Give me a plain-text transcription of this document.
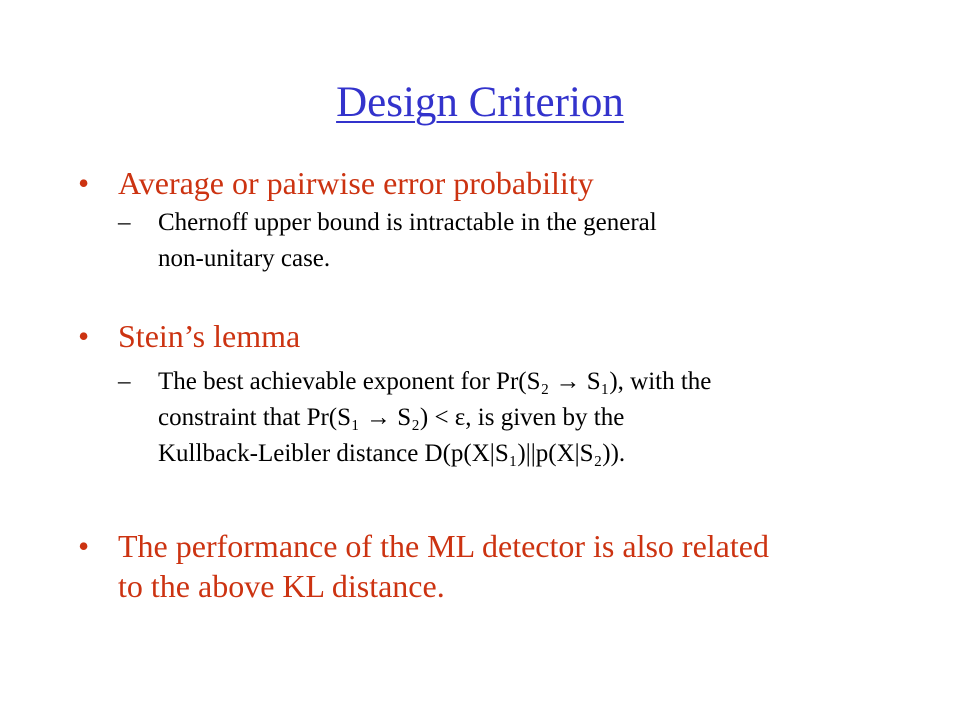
Design Criterion
• Average or pairwise error probability
– Chernoff upper bound is intractable in the general
non-unitary case.
• Stein’s lemma
– The best achievable exponent for Pr(S₂ → S₁), with the
constraint that Pr(S₁ → S₂) < ε, is given by the
Kullback-Leibler distance D(p(X|S₁)||p(X|S₂)).
• The performance of the ML detector is also related
to the above KL distance.
